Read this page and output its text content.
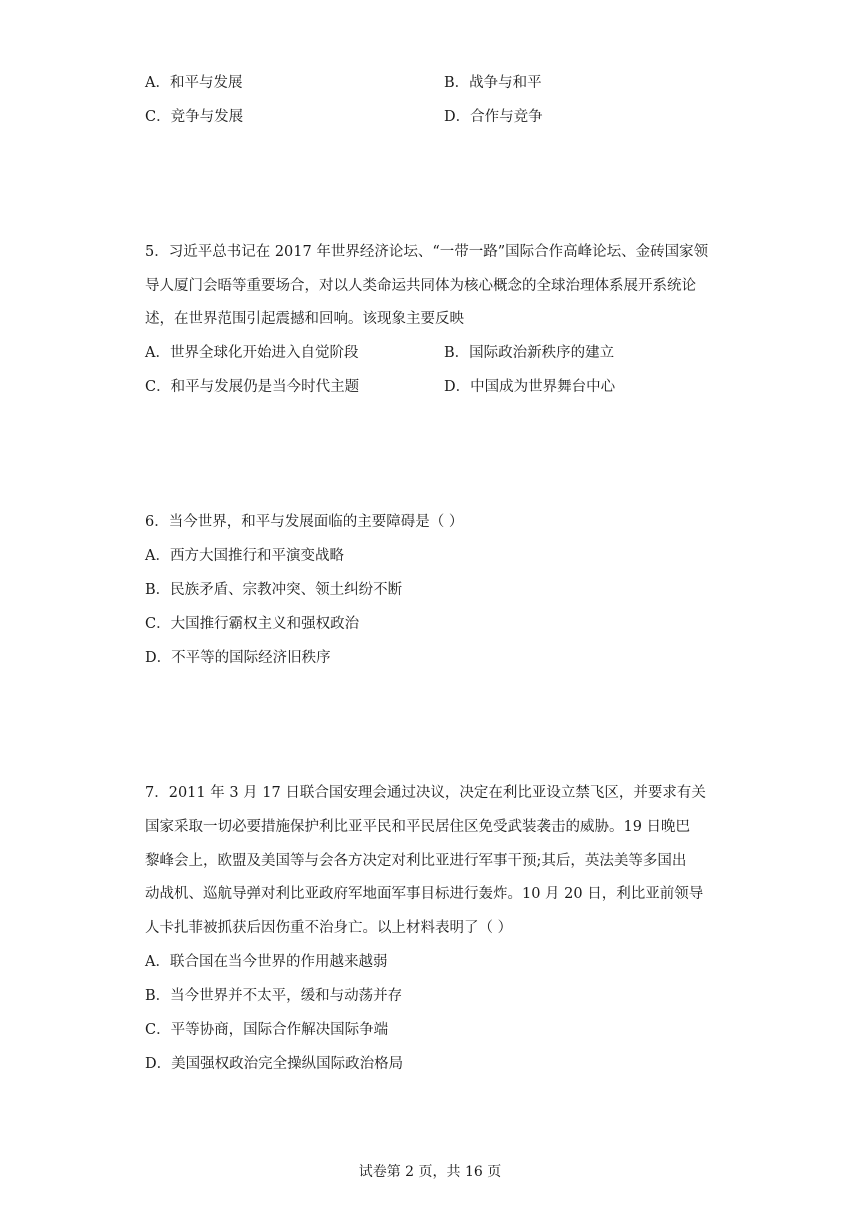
A．和平与发展	B．战争与和平
C．竞争与发展	D．合作与竞争
5．习近平总书记在 2017 年世界经济论坛、“一带一路”国际合作高峰论坛、金砖国家领
导人厦门会晤等重要场合，对以人类命运共同体为核心概念的全球治理体系展开系统论
述，在世界范围引起震撼和回响。该现象主要反映
A．世界全球化开始进入自觉阶段	B．国际政治新秩序的建立
C．和平与发展仍是当今时代主题	D．中国成为世界舞台中心
6．当今世界，和平与发展面临的主要障碍是（ ）
A．西方大国推行和平演变战略
B．民族矛盾、宗教冲突、领土纠纷不断
C．大国推行霸权主义和强权政治
D．不平等的国际经济旧秩序
7．2011 年 3 月 17 日联合国安理会通过决议，决定在利比亚设立禁飞区，并要求有关
国家采取一切必要措施保护利比亚平民和平民居住区免受武装袭击的威胁。19 日晚巴
黎峰会上，欧盟及美国等与会各方决定对利比亚进行军事干预;其后，英法美等多国出
动战机、巡航导弹对利比亚政府军地面军事目标进行轰炸。10 月 20 日，利比亚前领导
人卡扎菲被抓获后因伤重不治身亡。以上材料表明了（ ）
A．联合国在当今世界的作用越来越弱
B．当今世界并不太平，缓和与动荡并存
C．平等协商，国际合作解决国际争端
D．美国强权政治完全操纵国际政治格局
试卷第 2 页，共 16 页
